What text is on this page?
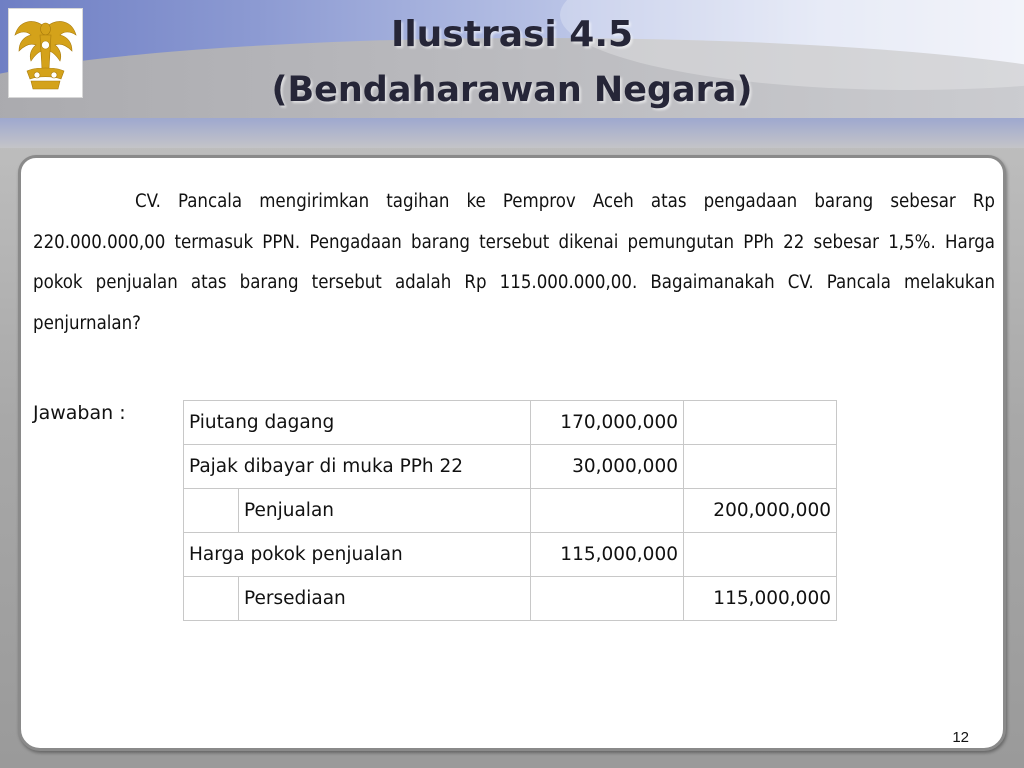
Ilustrasi 4.5
(Bendaharawan Negara)
CV. Pancala mengirimkan tagihan ke Pemprov Aceh atas pengadaan barang sebesar Rp 220.000.000,00 termasuk PPN. Pengadaan barang tersebut dikenai pemungutan PPh 22 sebesar 1,5%. Harga pokok penjualan atas barang tersebut adalah Rp 115.000.000,00. Bagaimanakah CV. Pancala melakukan penjurnalan?
Jawaban :	Piutang dagang		170,000,000	
Pajak dibayar di muka PPh 22		30,000,000	
	Penjualan		200,000,000
Harga pokok penjualan		115,000,000	
	Persediaan		115,000,000
12
